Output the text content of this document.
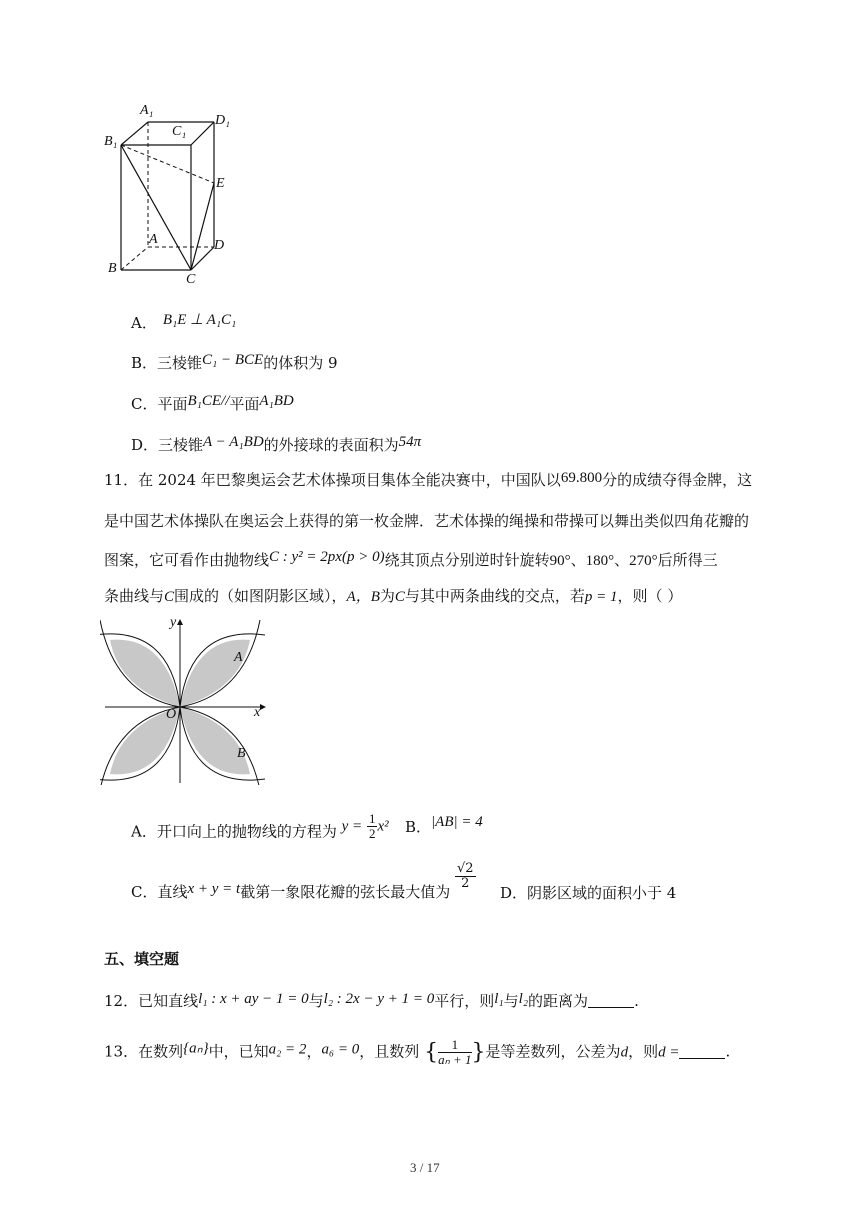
A₁
C₁
D₁
B₁
E
A	D
B
C
A． B₁E ⊥ A₁C₁
B．三棱锥C₁ − BCE的体积为 9
C．平面B₁CE//平面A₁BD
D．三棱锥A − A₁BD的外接球的表面积为54π
11．在 2024 年巴黎奥运会艺术体操项目集体全能决赛中，中国队以69.800分的成绩夺得金牌，这
是中国艺术体操队在奥运会上获得的第一枚金牌．艺术体操的绳操和带操可以舞出类似四角花瓣的
图案，它可看作由抛物线C : y² = 2px(p > 0)绕其顶点分别逆时针旋转90°、180°、270°后所得三
条曲线与C围成的（如图阴影区域），A，B为C与其中两条曲线的交点，若p = 1，则（ ）
y
x
O
A
B
A．开口向上的抛物线的方程为 $y = \frac{1}{2} x^2$ B．|AB| = 4
C．直线x + y = t截第一象限花瓣的弦长最大值为
$\frac{√2}{2}$
D．阴影区域的面积小于 4
五、填空题
12．已知直线l₁ : x + ay − 1 = 0与l₂ : 2x − y + 1 = 0平行，则l₁与l₂的距离为	.
13．在数列{aₙ}中，已知a₂ = 2，a₆ = 0，且数列 { $\frac{1}{\text{aₙ + 1}}$ }是等差数列，公差为d，则d =	.
3 / 17
